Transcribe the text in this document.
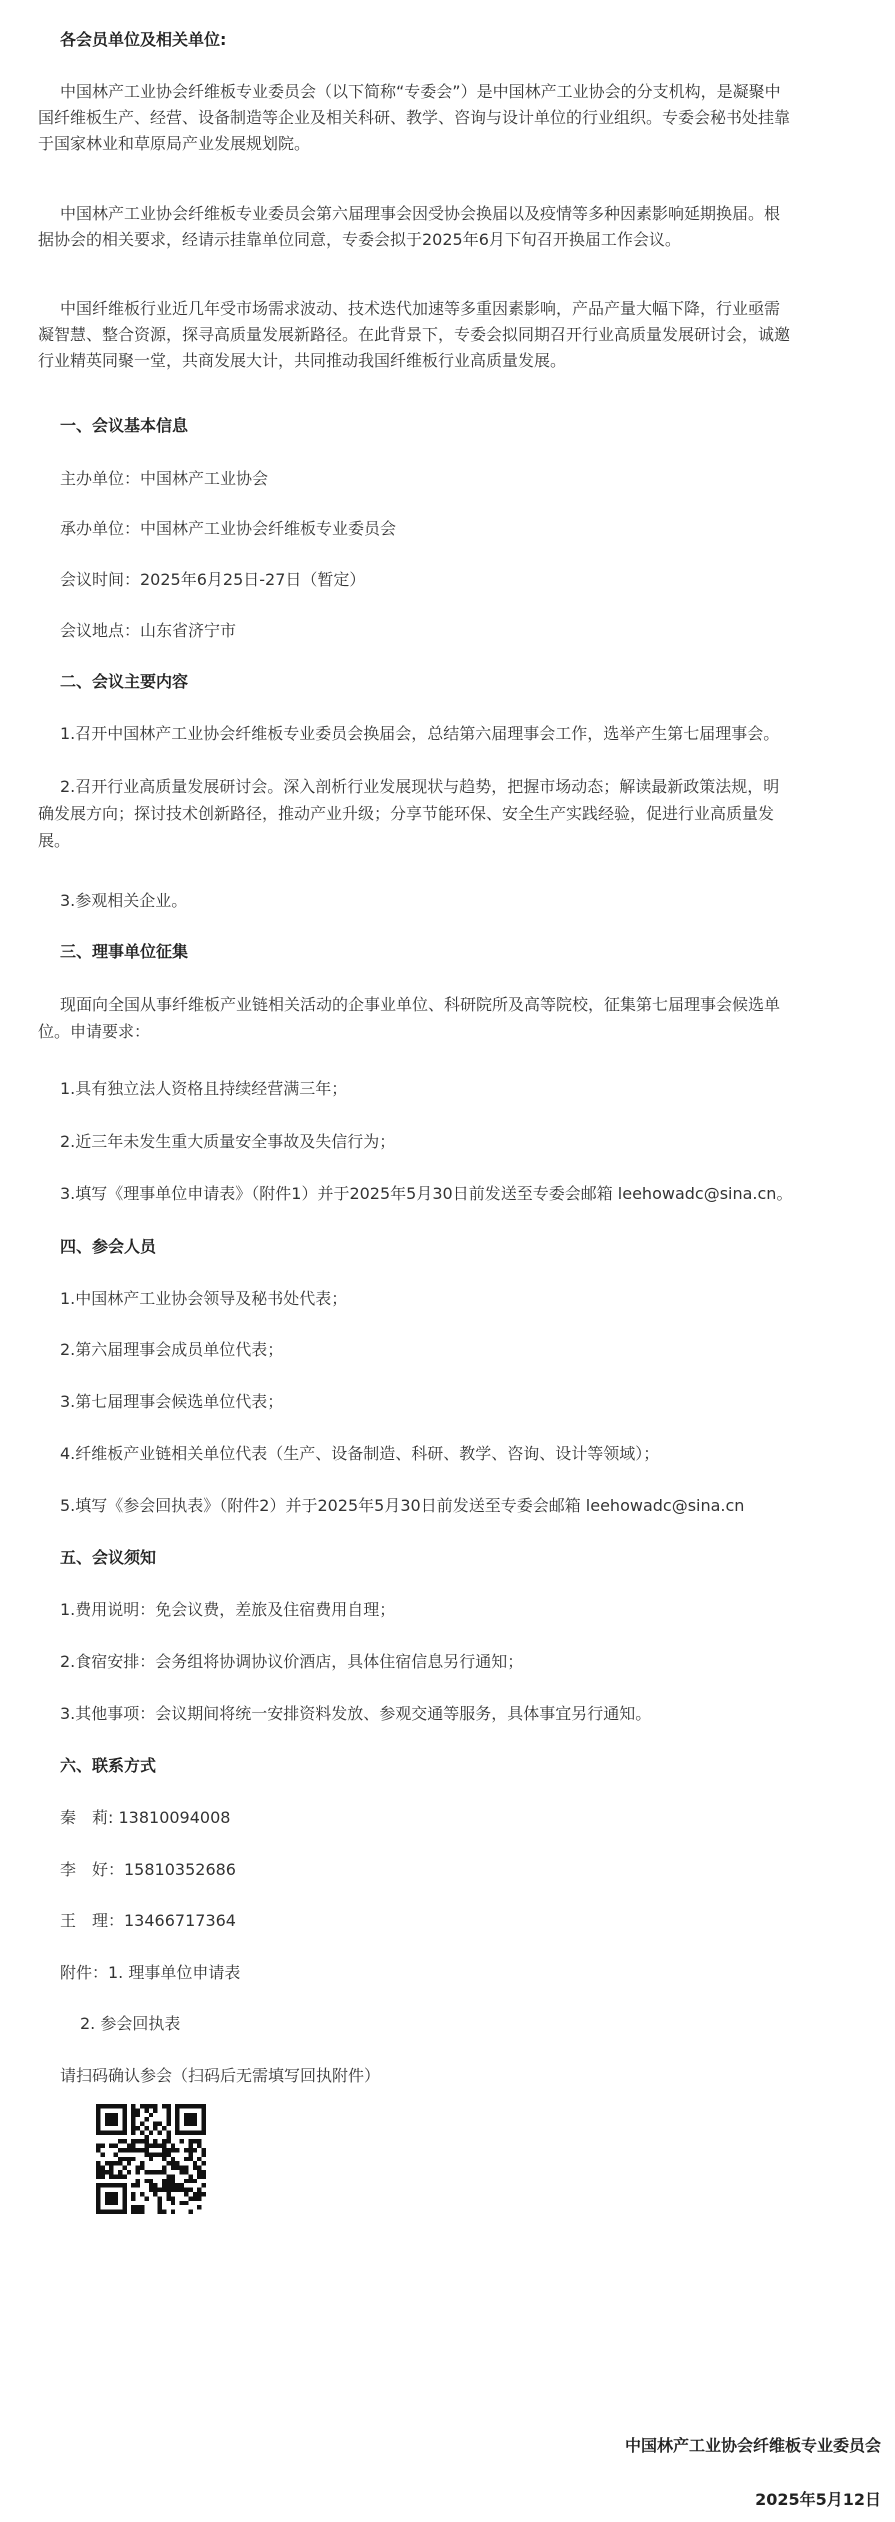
各会员单位及相关单位:
中国林产工业协会纤维板专业委员会（以下简称“专委会”）是中国林产工业协会的分支机构，是凝聚中
国纤维板生产、经营、设备制造等企业及相关科研、教学、咨询与设计单位的行业组织。专委会秘书处挂靠
于国家林业和草原局产业发展规划院。
中国林产工业协会纤维板专业委员会第六届理事会因受协会换届以及疫情等多种因素影响延期换届。根
据协会的相关要求，经请示挂靠单位同意，专委会拟于2025年6月下旬召开换届工作会议。
中国纤维板行业近几年受市场需求波动、技术迭代加速等多重因素影响，产品产量大幅下降，行业亟需
凝智慧、整合资源，探寻高质量发展新路径。在此背景下，专委会拟同期召开行业高质量发展研讨会，诚邀
行业精英同聚一堂，共商发展大计，共同推动我国纤维板行业高质量发展。
一、会议基本信息
主办单位：中国林产工业协会
承办单位：中国林产工业协会纤维板专业委员会
会议时间：2025年6月25日-27日（暂定）
会议地点：山东省济宁市
二、会议主要内容
1.召开中国林产工业协会纤维板专业委员会换届会，总结第六届理事会工作，选举产生第七届理事会。
2.召开行业高质量发展研讨会。深入剖析行业发展现状与趋势，把握市场动态；解读最新政策法规，明
确发展方向；探讨技术创新路径，推动产业升级；分享节能环保、安全生产实践经验，促进行业高质量发
展。
3.参观相关企业。
三、理事单位征集
现面向全国从事纤维板产业链相关活动的企事业单位、科研院所及高等院校，征集第七届理事会候选单
位。申请要求：
1.具有独立法人资格且持续经营满三年；
2.近三年未发生重大质量安全事故及失信行为；
3.填写《理事单位申请表》（附件1）并于2025年5月30日前发送至专委会邮箱 leehowadc@sina.cn。
四、参会人员
1.中国林产工业协会领导及秘书处代表；
2.第六届理事会成员单位代表；
3.第七届理事会候选单位代表；
4.纤维板产业链相关单位代表（生产、设备制造、科研、教学、咨询、设计等领域）；
5.填写《参会回执表》（附件2）并于2025年5月30日前发送至专委会邮箱 leehowadc@sina.cn
五、会议须知
1.费用说明：免会议费，差旅及住宿费用自理；
2.食宿安排：会务组将协调协议价酒店，具体住宿信息另行通知；
3.其他事项：会议期间将统一安排资料发放、参观交通等服务，具体事宜另行通知。
六、联系方式
秦　莉: 13810094008
李　好：15810352686
王　理：13466717364
附件：1. 理事单位申请表
2. 参会回执表
请扫码确认参会（扫码后无需填写回执附件）
中国林产工业协会纤维板专业委员会
2025年5月12日
